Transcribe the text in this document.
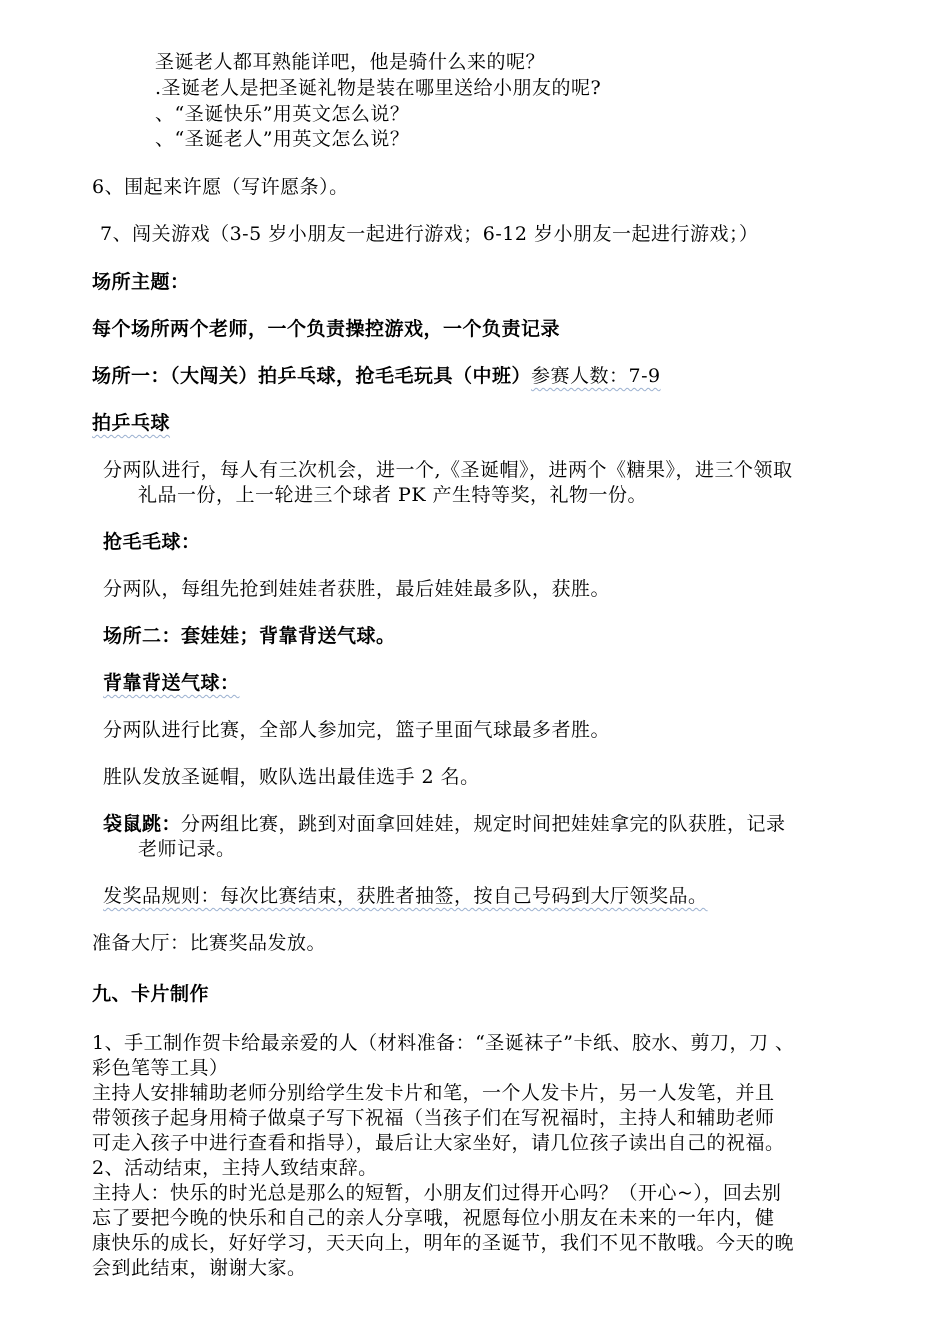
圣诞老人都耳熟能详吧，他是骑什么来的呢？
.圣诞老人是把圣诞礼物是装在哪里送给小朋友的呢?
、“圣诞快乐”用英文怎么说？
、“圣诞老人”用英文怎么说？
6、围起来许愿（写许愿条）。
7、闯关游戏（3-5 岁小朋友一起进行游戏；6-12 岁小朋友一起进行游戏；）
场所主题：
每个场所两个老师，一个负责操控游戏，一个负责记录
场所一：（大闯关）拍乒乓球，抢毛毛玩具（中班）参赛人数：7-9
拍乒乓球
分两队进行，每人有三次机会，进一个,《圣诞帽》，进两个《糖果》，进三个领取
礼品一份，上一轮进三个球者 PK 产生特等奖，礼物一份。
抢毛毛球：
分两队，每组先抢到娃娃者获胜，最后娃娃最多队，获胜。
场所二：套娃娃；背靠背送气球。
背靠背送气球：
分两队进行比赛，全部人参加完，篮子里面气球最多者胜。
胜队发放圣诞帽，败队选出最佳选手 2 名。
袋鼠跳：分两组比赛，跳到对面拿回娃娃，规定时间把娃娃拿完的队获胜，记录
老师记录。
发奖品规则：每次比赛结束，获胜者抽签，按自己号码到大厅领奖品。
准备大厅：比赛奖品发放。
九、卡片制作
1、手工制作贺卡给最亲爱的人（材料准备：“圣诞袜子”卡纸、胶水、剪刀，刀 、
彩色笔等工具）
主持人安排辅助老师分别给学生发卡片和笔，一个人发卡片，另一人发笔，并且
带领孩子起身用椅子做桌子写下祝福（当孩子们在写祝福时，主持人和辅助老师
可走入孩子中进行查看和指导），最后让大家坐好，请几位孩子读出自己的祝福。
2、活动结束，主持人致结束辞。
主持人：快乐的时光总是那么的短暂，小朋友们过得开心吗？（开心~），回去别
忘了要把今晚的快乐和自己的亲人分享哦，祝愿每位小朋友在未来的一年内，健
康快乐的成长，好好学习，天天向上，明年的圣诞节，我们不见不散哦。今天的晚
会到此结束，谢谢大家。
